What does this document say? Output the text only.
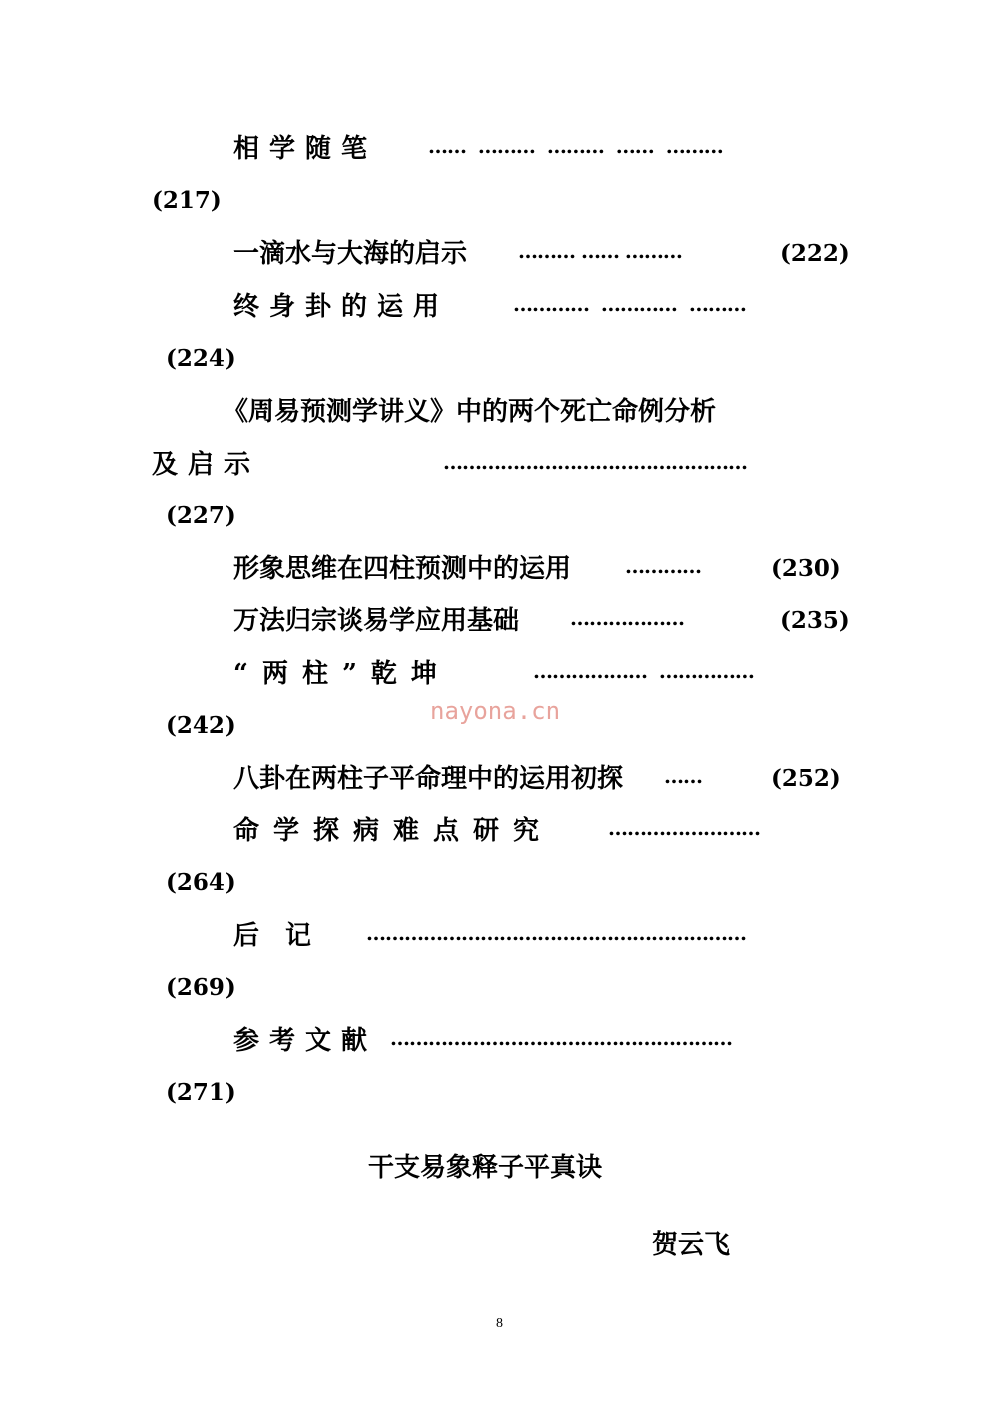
相学随笔	……  ………  ………  ……  ………
(217)
一滴水与大海的启示	……… …… ………	(222)
终身卦的运用	…………  …………  ………
(224)
《周易预测学讲义》中的两个死亡命例分析
及启示	…………………………………………
(227)
形象思维在四柱预测中的运用	…………	(230)
万法归宗谈易学应用基础	………………	(235)
“两柱”乾坤	………………  ……………
(242)
nayona.cn
八卦在两柱子平命理中的运用初探 ……	(252)
命学探病难点研究	……………………
(264)
后　记	……………………………………………………
(269)
参考文献 ………………………………………………
(271)
干支易象释子平真诀
贺云飞
8
